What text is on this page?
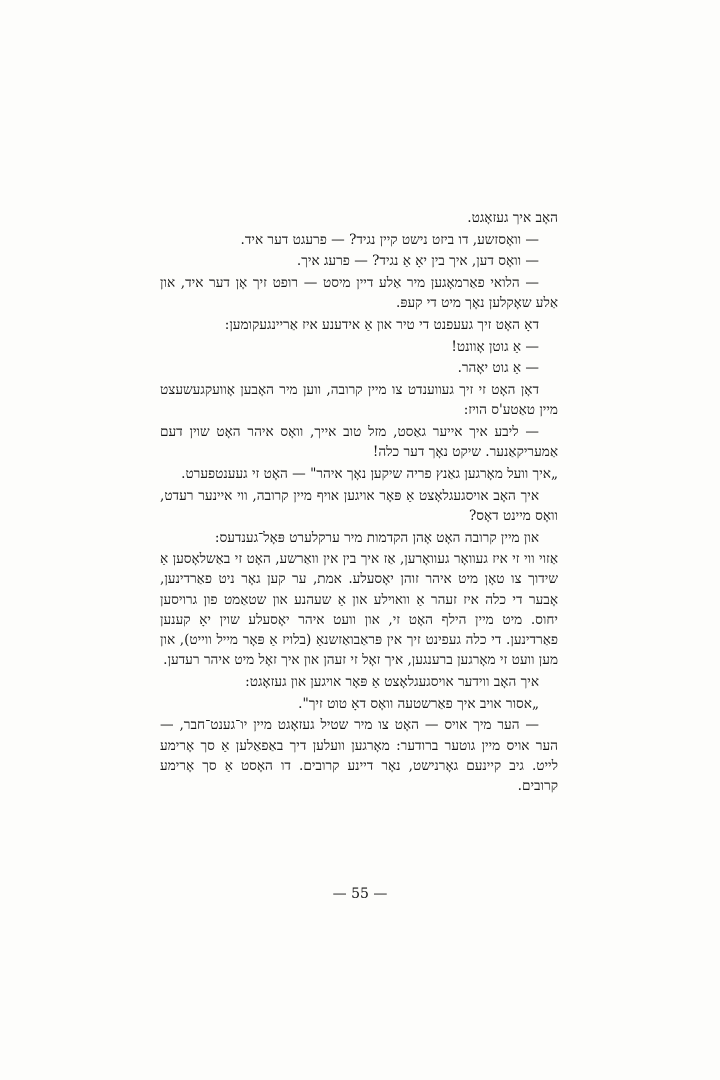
האָב איך געזאָגט.

— וואָסזשע, דו ביזט נישט קיין נגיד? — פרעגט דער איד.

— וואָס דען, איך בין יאָ אַ נגיד? — פרעג איך.

— הלואי פאַרמאָגען מיר אַלע דיין מיסט — רופט זיך אָן דער איד, און אַלע שאָקלען נאָך מיט די קעפּ.

דאָ האָט זיך געעפנט די טיר און אַ אידענע איז אַריינגעקומען:

— אַ גוטן אָוונט!

— אַ גוט יאָהר.

דאָן האָט זי זיך געווענדט צו מיין קרובה, ווען מיר האָבען אָוועקגעשעצט מיין טאַטע'ס הויז:

— ליבע איך אייער גאַסט, מזל טוב אייך, וואָס איהר האָט שוין דעם אַמעריקאַנער. שיקט נאָך דער כלה!

„איך וועל מאָרגען גאַנץ פריה שיקען נאָך איהר" — האָט זי געענטפערט.

איך האָב אויסגעגלאָצט אַ פּאָר אויגען אויף מיין קרובה, ווי איינער רעדט, וואָס מיינט דאָס?

און מיין קרובה האָט אָהן הקדמות מיר ערקלערט פּאָל־גענדעס:

אַזוי ווי זי איז געוואָר געוואָרען, אַז איך בין אין וואַרשע, האָט זי באַשלאָסען אַ שידוך צו טאָן מיט איהר זוהן יאָסעלע. אמת, ער קען גאָר ניט פאַרדינען, אָבער די כלה איז זעהר אַ וואוילע און אַ שעהנע און שטאַמט פון גרויסען יחוס. מיט מיין הילף האָט זי, און וועט איהר יאָסעלע שוין יאָ קענען פאַרדינען. די כלה געפינט זיך אין פּראַבואַזשנאַ (בלויז אַ פּאָר מייל ווייט), און מען וועט זי מאָרגען ברענגען, איך זאָל זי זעהן און איך זאָל מיט איהר רעדען.

איך האָב ווידער אויסגעגלאָצט אַ פּאָר אויגען און געזאָגט:

„אסור אויב איך פאַרשטעה וואָס דאָ טוט זיך".

— הער מיך אויס — האָט צו מיר שטיל געזאָגט מיין יו־גענט־חבר, — הער אויס מיין גוטער ברודער: מאָרגען וועלען דיך באַפאַלען אַ סך אָרימע לייט. גיב קיינעם גאָרנישט, נאָר דיינע קרובים. דו האָסט אַ סך אָרימע קרובים.

— 55 —
